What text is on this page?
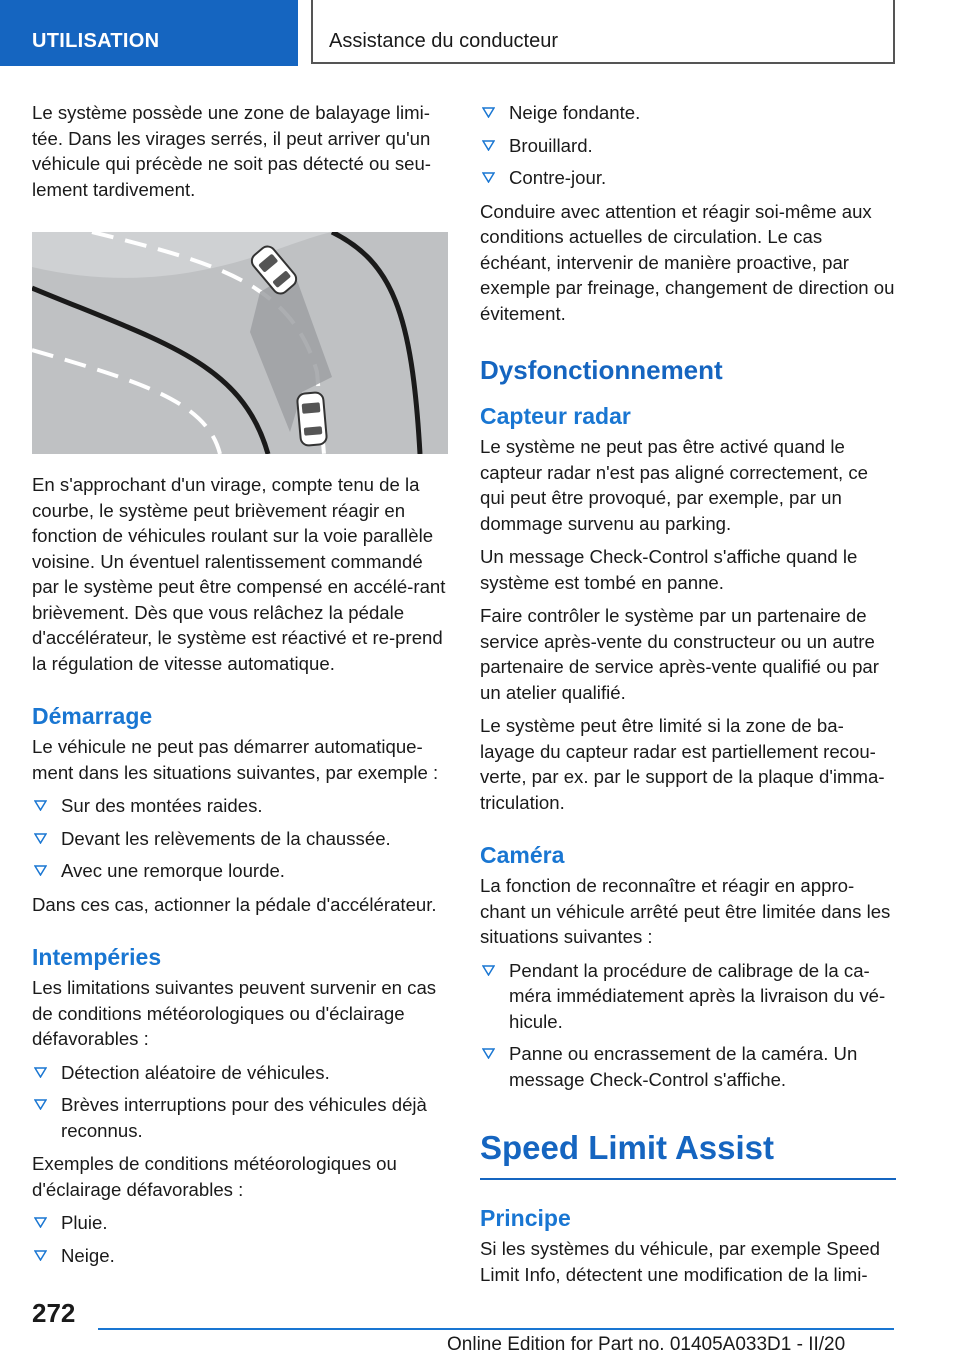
UTILISATION	Assistance du conducteur

Le système possède une zone de balayage limi-tée. Dans les virages serrés, il peut arriver qu'un véhicule qui précède ne soit pas détecté ou seu-lement tardivement.

En s'approchant d'un virage, compte tenu de la courbe, le système peut brièvement réagir en fonction de véhicules roulant sur la voie parallèle voisine. Un éventuel ralentissement commandé par le système peut être compensé en accélé-rant brièvement. Dès que vous relâchez la pédale d'accélérateur, le système est réactivé et re-prend la régulation de vitesse automatique.

Démarrage

Le véhicule ne peut pas démarrer automatique-ment dans les situations suivantes, par exemple :

Sur des montées raides.
Devant les relèvements de la chaussée.
Avec une remorque lourde.

Dans ces cas, actionner la pédale d'accélérateur.

Intempéries

Les limitations suivantes peuvent survenir en cas de conditions météorologiques ou d'éclairage défavorables :

Détection aléatoire de véhicules.
Brèves interruptions pour des véhicules déjà reconnus.

Exemples de conditions météorologiques ou d'éclairage défavorables :

Pluie.
Neige.
Neige fondante.
Brouillard.
Contre-jour.

Conduire avec attention et réagir soi-même aux conditions actuelles de circulation. Le cas échéant, intervenir de manière proactive, par exemple par freinage, changement de direction ou évitement.

Dysfonctionnement
Capteur radar

Le système ne peut pas être activé quand le capteur radar n'est pas aligné correctement, ce qui peut être provoqué, par exemple, par un dommage survenu au parking.

Un message Check-Control s'affiche quand le système est tombé en panne.

Faire contrôler le système par un partenaire de service après-vente du constructeur ou un autre partenaire de service après-vente qualifié ou par un atelier qualifié.

Le système peut être limité si la zone de ba-layage du capteur radar est partiellement recou-verte, par ex. par le support de la plaque d'imma-triculation.

Caméra

La fonction de reconnaître et réagir en appro-chant un véhicule arrêté peut être limitée dans les situations suivantes :

Pendant la procédure de calibrage de la ca-méra immédiatement après la livraison du vé-hicule.
Panne ou encrassement de la caméra. Un message Check-Control s'affiche.
Speed Limit Assist
Principe

Si les systèmes du véhicule, par exemple Speed Limit Info, détectent une modification de la limi-

272
Online Edition for Part no. 01405A033D1 - II/20
